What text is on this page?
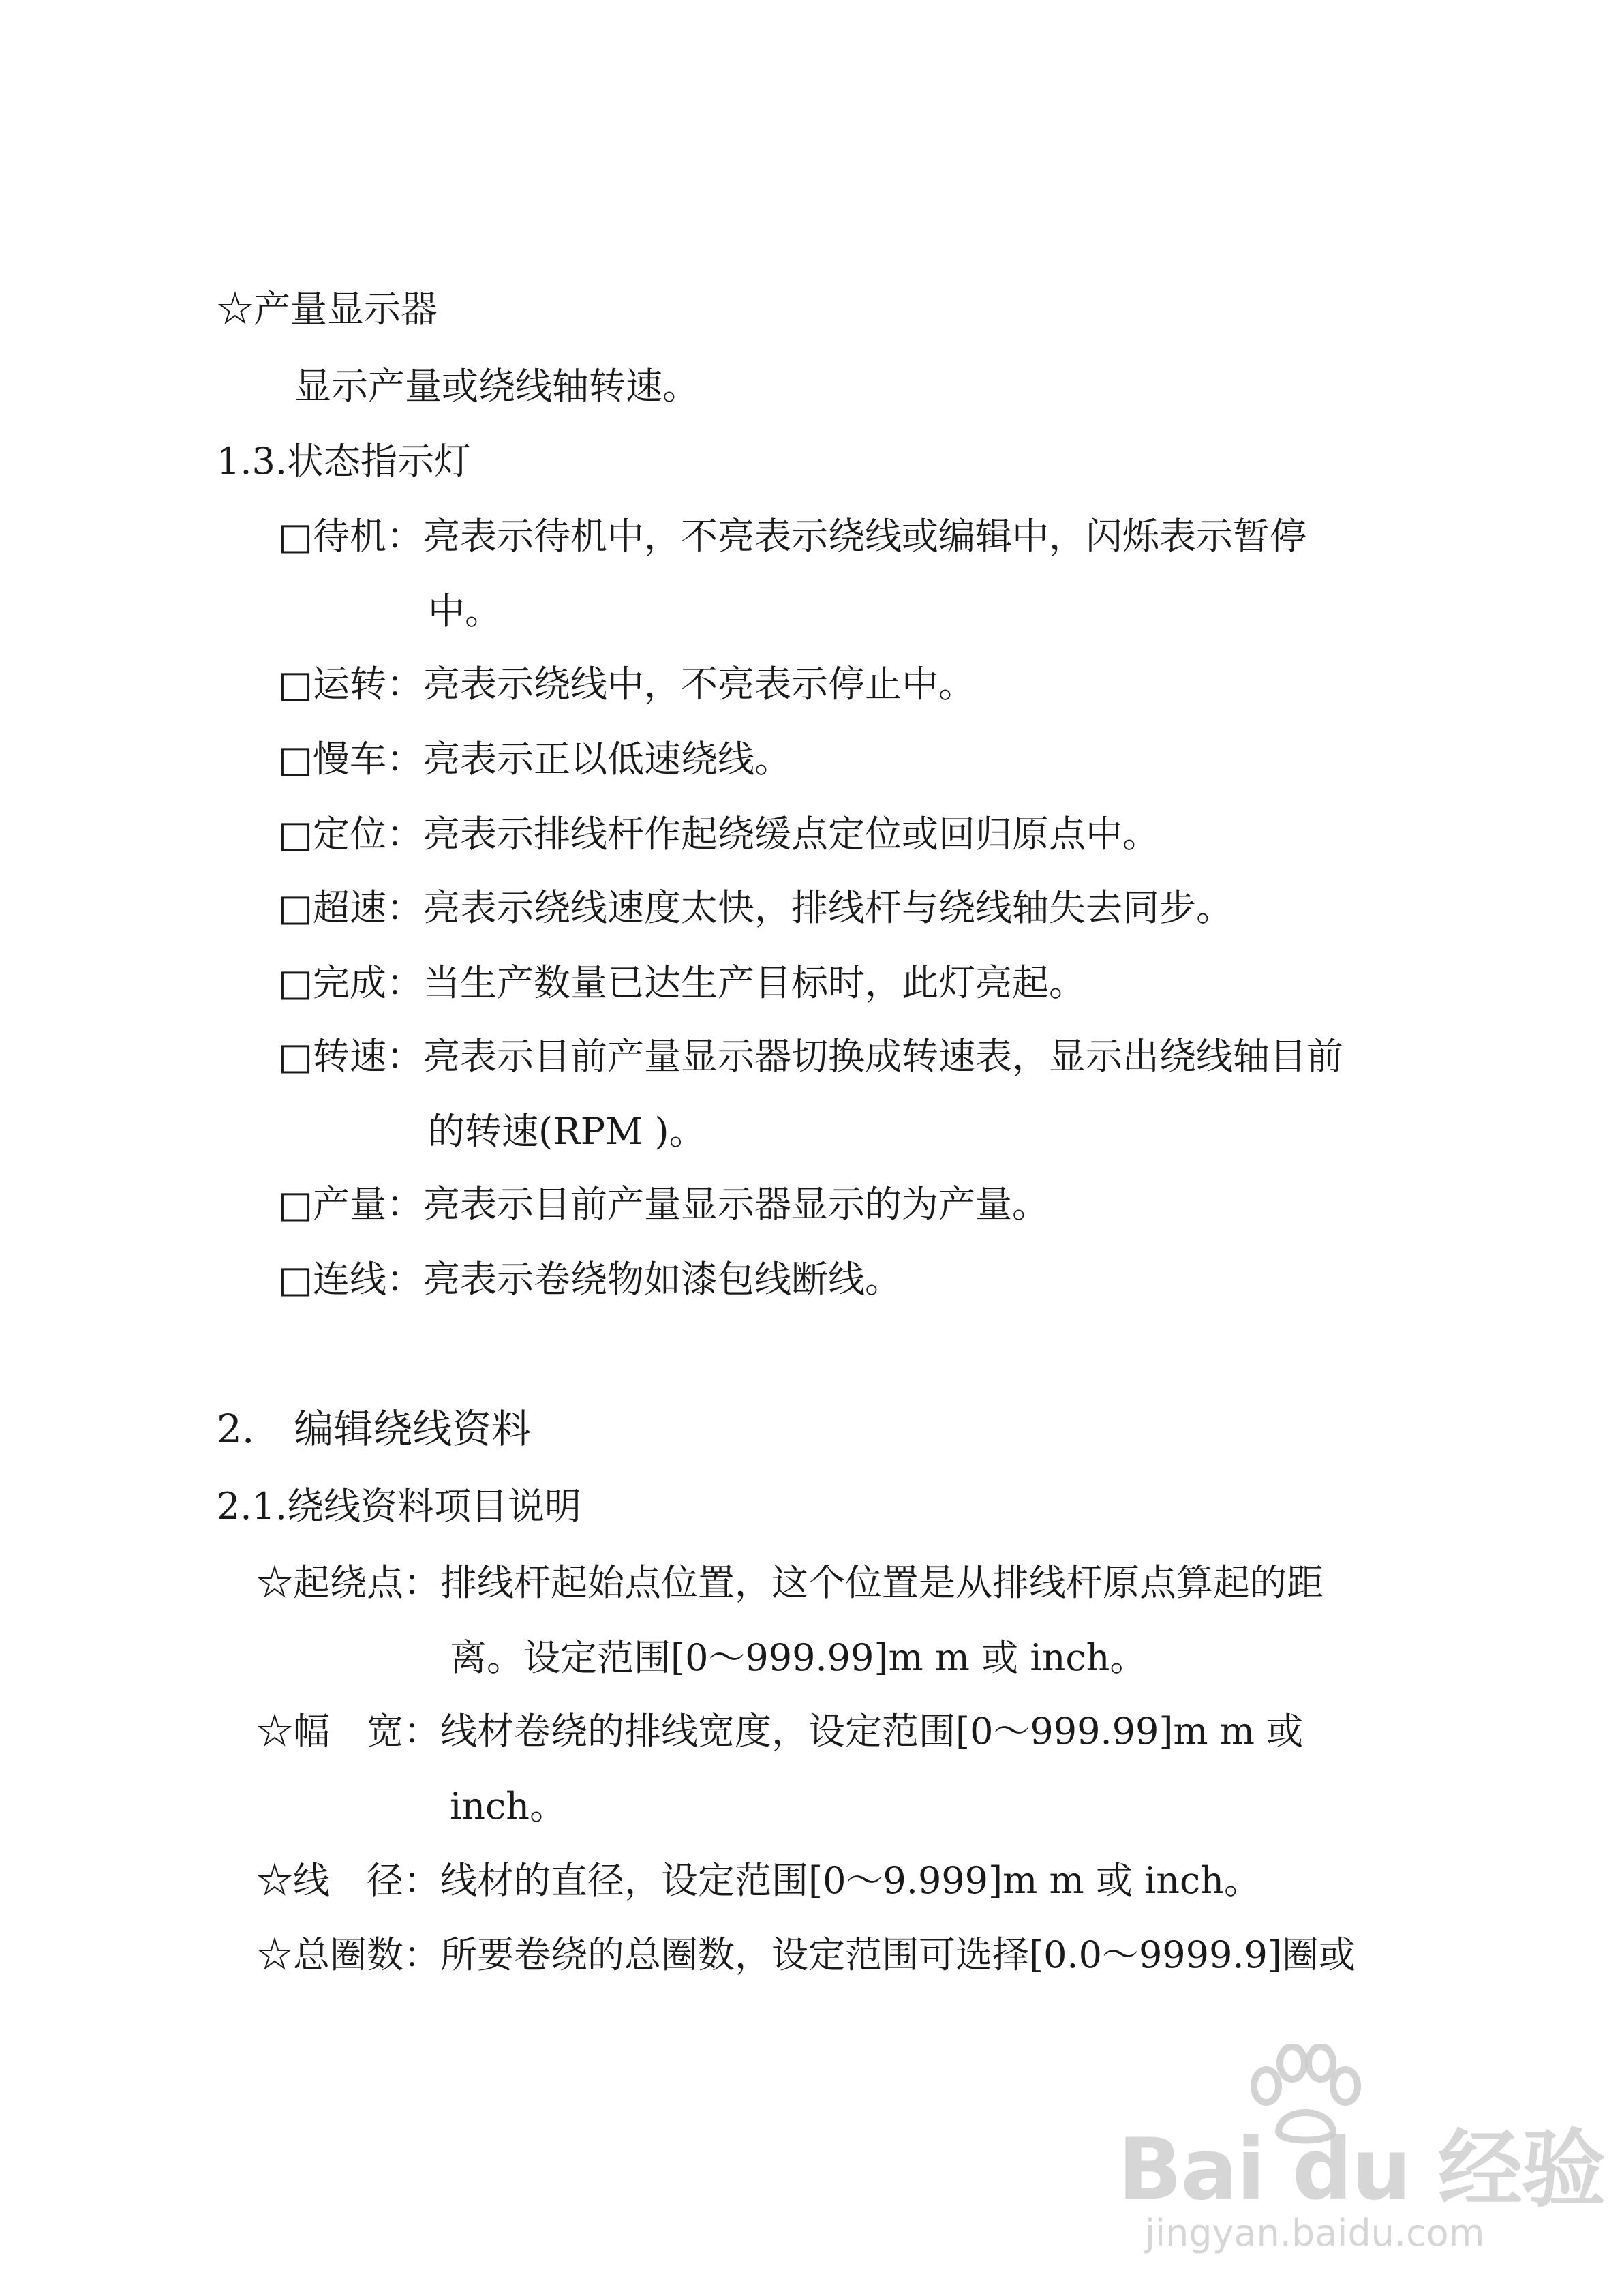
☆产量显示器
显示产量或绕线轴转速。
1.3.状态指示灯
□待机：亮表示待机中，不亮表示绕线或编辑中，闪烁表示暂停
中。
□运转：亮表示绕线中，不亮表示停止中。
□慢车：亮表示正以低速绕线。
□定位：亮表示排线杆作起绕缓点定位或回归原点中。
□超速：亮表示绕线速度太快，排线杆与绕线轴失去同步。
□完成：当生产数量已达生产目标时，此灯亮起。
□转速：亮表示目前产量显示器切换成转速表，显示出绕线轴目前
的转速(RPM )。
□产量：亮表示目前产量显示器显示的为产量。
□连线：亮表示卷绕物如漆包线断线。
2.　编辑绕线资料
2.1.绕线资料项目说明
☆起绕点：排线杆起始点位置，这个位置是从排线杆原点算起的距
离。设定范围[0～999.99]m m 或 inch。
☆幅　宽：线材卷绕的排线宽度，设定范围[0～999.99]m m 或
inch。
☆线　径：线材的直径，设定范围[0～9.999]m m 或 inch。
☆总圈数：所要卷绕的总圈数，设定范围可选择[0.0～9999.9]圈或
Bai du 经验
jingyan.baidu.com
